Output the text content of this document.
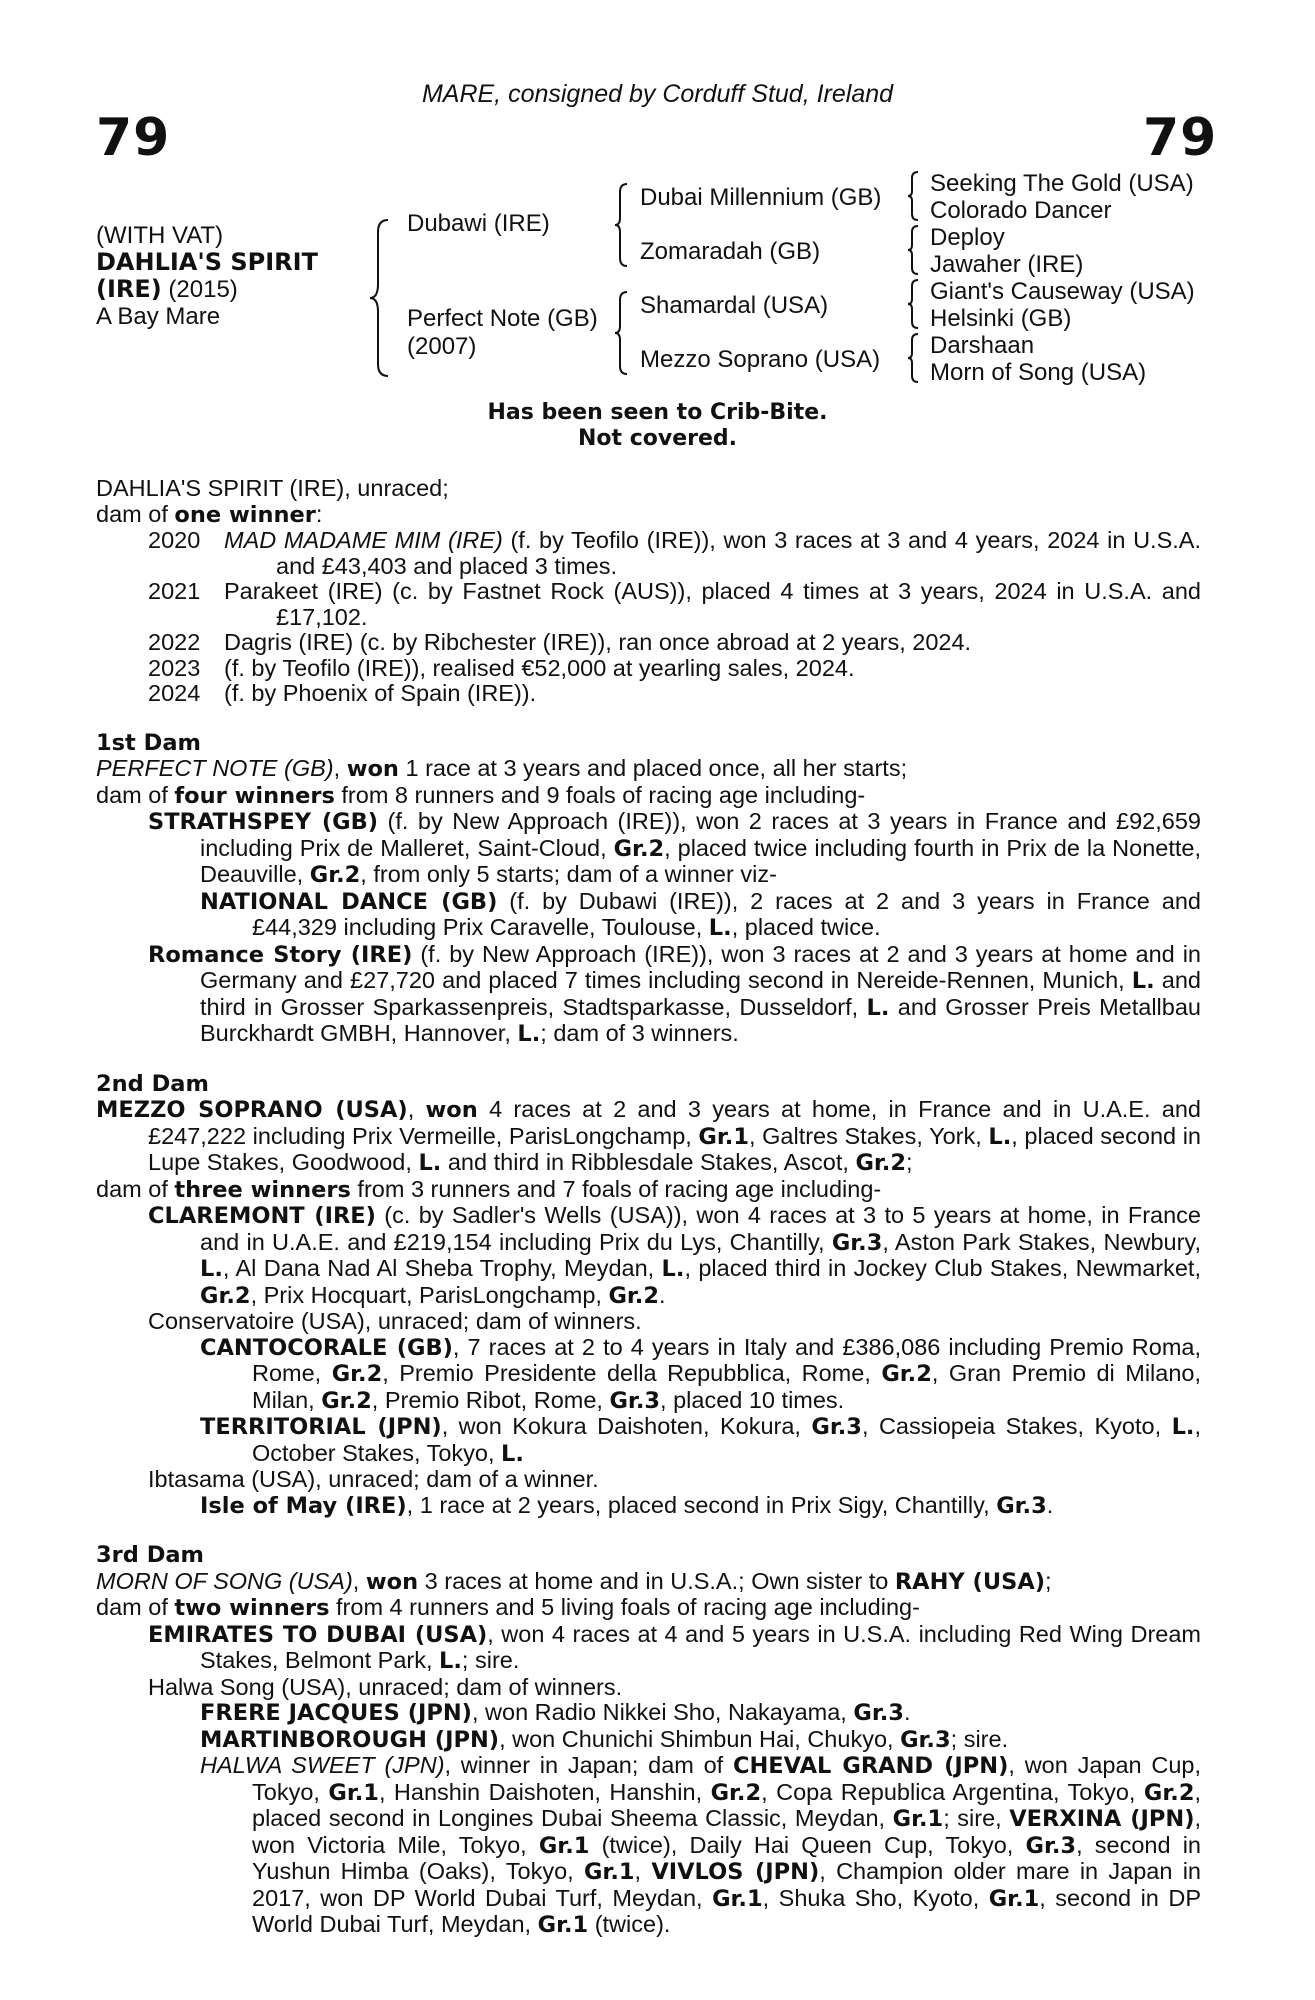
MARE, consigned by Corduff Stud, Ireland
79	79
(WITH VAT)
DAHLIA'S SPIRIT
(IRE) (2015)
A Bay Mare
Dubawi (IRE)
Perfect Note (GB)
(2007)
Dubai Millennium (GB)
Zomaradah (GB)
Shamardal (USA)
Mezzo Soprano (USA)
Seeking The Gold (USA)
Colorado Dancer
Deploy
Jawaher (IRE)
Giant's Causeway (USA)
Helsinki (GB)
Darshaan
Morn of Song (USA)
Has been seen to Crib-Bite.
Not covered.

DAHLIA'S SPIRIT (IRE), unraced;

dam of one winner:

2020	MAD MADAME MIM (IRE) (f. by Teofilo (IRE)), won 3 races at 3 and 4 years, 2024 in U.S.A. and £43,403 and placed 3 times.
2021	Parakeet (IRE) (c. by Fastnet Rock (AUS)), placed 4 times at 3 years, 2024 in U.S.A. and £17,102.
2022	Dagris (IRE) (c. by Ribchester (IRE)), ran once abroad at 2 years, 2024.
2023	(f. by Teofilo (IRE)), realised €52,000 at yearling sales, 2024.
2024	(f. by Phoenix of Spain (IRE)).
1st Dam

PERFECT NOTE (GB), won 1 race at 3 years and placed once, all her starts;

dam of four winners from 8 runners and 9 foals of racing age including-

STRATHSPEY (GB) (f. by New Approach (IRE)), won 2 races at 3 years in France and £92,659 including Prix de Malleret, Saint-Cloud, Gr.2, placed twice including fourth in Prix de la Nonette, Deauville, Gr.2, from only 5 starts; dam of a winner viz-

NATIONAL DANCE (GB) (f. by Dubawi (IRE)), 2 races at 2 and 3 years in France and £44,329 including Prix Caravelle, Toulouse, L., placed twice.

Romance Story (IRE) (f. by New Approach (IRE)), won 3 races at 2 and 3 years at home and in Germany and £27,720 and placed 7 times including second in Nereide-Rennen, Munich, L. and third in Grosser Sparkassenpreis, Stadtsparkasse, Dusseldorf, L. and Grosser Preis Metallbau Burckhardt GMBH, Hannover, L.; dam of 3 winners.

2nd Dam

MEZZO SOPRANO (USA), won 4 races at 2 and 3 years at home, in France and in U.A.E. and £247,222 including Prix Vermeille, ParisLongchamp, Gr.1, Galtres Stakes, York, L., placed second in Lupe Stakes, Goodwood, L. and third in Ribblesdale Stakes, Ascot, Gr.2;

dam of three winners from 3 runners and 7 foals of racing age including-

CLAREMONT (IRE) (c. by Sadler's Wells (USA)), won 4 races at 3 to 5 years at home, in France and in U.A.E. and £219,154 including Prix du Lys, Chantilly, Gr.3, Aston Park Stakes, Newbury, L., Al Dana Nad Al Sheba Trophy, Meydan, L., placed third in Jockey Club Stakes, Newmarket, Gr.2, Prix Hocquart, ParisLongchamp, Gr.2.

Conservatoire (USA), unraced; dam of winners.

CANTOCORALE (GB), 7 races at 2 to 4 years in Italy and £386,086 including Premio Roma, Rome, Gr.2, Premio Presidente della Repubblica, Rome, Gr.2, Gran Premio di Milano, Milan, Gr.2, Premio Ribot, Rome, Gr.3, placed 10 times.

TERRITORIAL (JPN), won Kokura Daishoten, Kokura, Gr.3, Cassiopeia Stakes, Kyoto, L., October Stakes, Tokyo, L.

Ibtasama (USA), unraced; dam of a winner.

Isle of May (IRE), 1 race at 2 years, placed second in Prix Sigy, Chantilly, Gr.3.

3rd Dam

MORN OF SONG (USA), won 3 races at home and in U.S.A.; Own sister to RAHY (USA);

dam of two winners from 4 runners and 5 living foals of racing age including-

EMIRATES TO DUBAI (USA), won 4 races at 4 and 5 years in U.S.A. including Red Wing Dream Stakes, Belmont Park, L.; sire.

Halwa Song (USA), unraced; dam of winners.

FRERE JACQUES (JPN), won Radio Nikkei Sho, Nakayama, Gr.3.

MARTINBOROUGH (JPN), won Chunichi Shimbun Hai, Chukyo, Gr.3; sire.

HALWA SWEET (JPN), winner in Japan; dam of CHEVAL GRAND (JPN), won Japan Cup, Tokyo, Gr.1, Hanshin Daishoten, Hanshin, Gr.2, Copa Republica Argentina, Tokyo, Gr.2, placed second in Longines Dubai Sheema Classic, Meydan, Gr.1; sire, VERXINA (JPN), won Victoria Mile, Tokyo, Gr.1 (twice), Daily Hai Queen Cup, Tokyo, Gr.3, second in Yushun Himba (Oaks), Tokyo, Gr.1, VIVLOS (JPN), Champion older mare in Japan in 2017, won DP World Dubai Turf, Meydan, Gr.1, Shuka Sho, Kyoto, Gr.1, second in DP World Dubai Turf, Meydan, Gr.1 (twice).
